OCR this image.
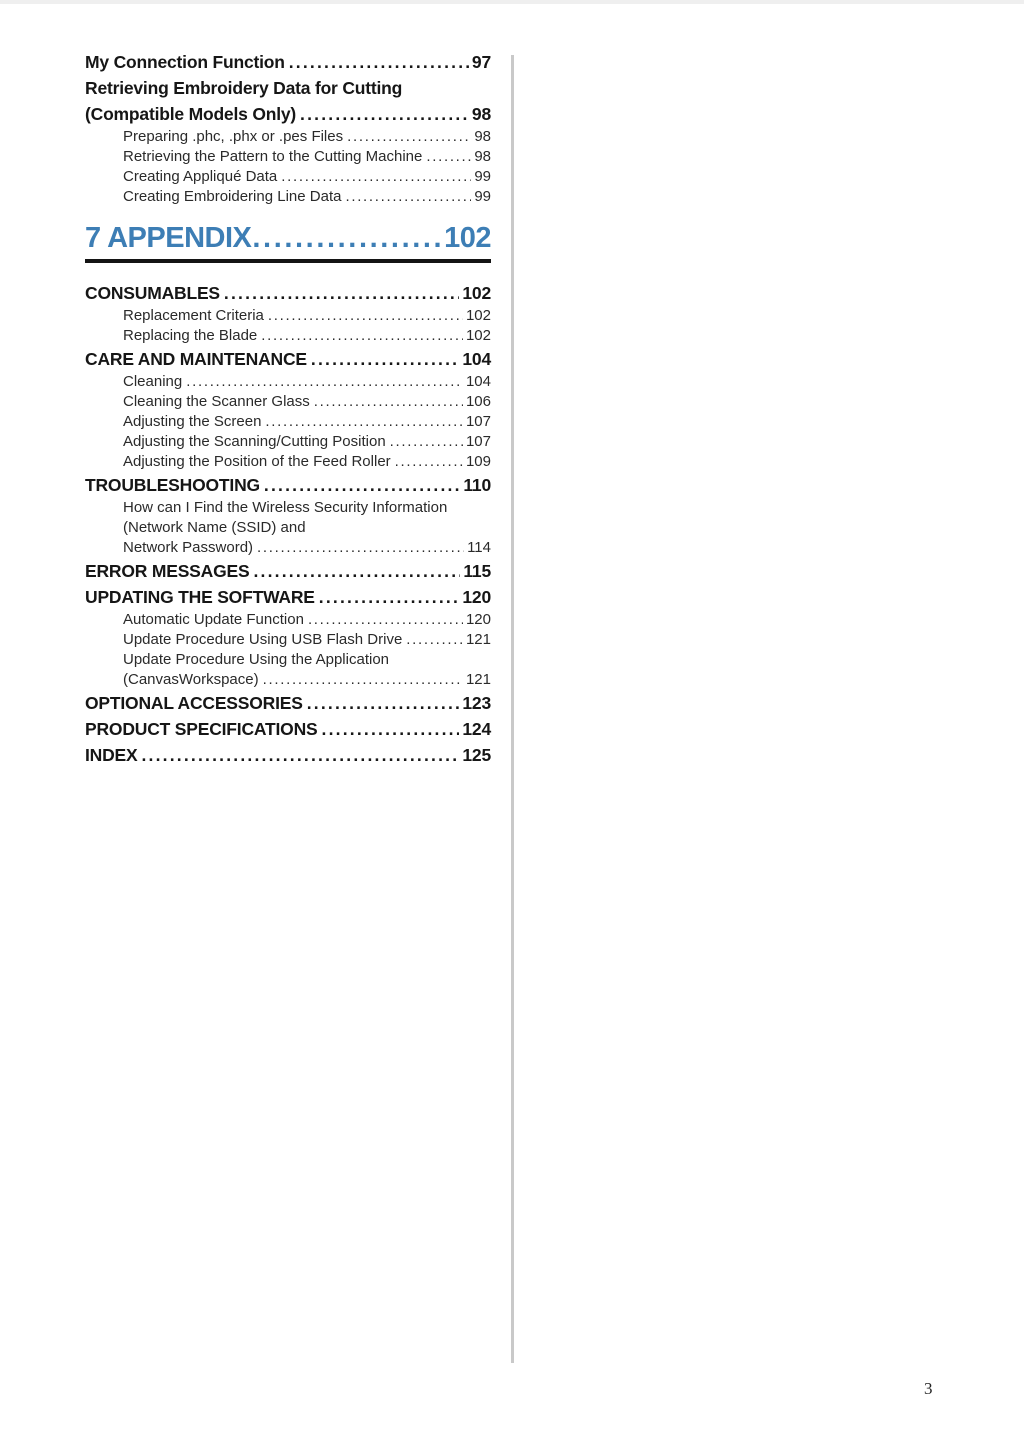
My Connection Function .....	97
Retrieving Embroidery Data for Cutting
(Compatible Models Only) .....	98
Preparing .phc, .phx or .pes Files .....	98
Retrieving the Pattern to the Cutting Machine .....	98
Creating Appliqué Data .....	99
Creating Embroidering Line Data .....	99
7 APPENDIX .....	102
CONSUMABLES .....	102
Replacement Criteria .....	102
Replacing the Blade .....	102
CARE AND MAINTENANCE .....	104
Cleaning .....	104
Cleaning the Scanner Glass .....	106
Adjusting the Screen .....	107
Adjusting the Scanning/Cutting Position .....	107
Adjusting the Position of the Feed Roller .....	109
TROUBLESHOOTING .....	110
How can I Find the Wireless Security Information
(Network Name (SSID) and
Network Password) .....	114
ERROR MESSAGES .....	115
UPDATING THE SOFTWARE .....	120
Automatic Update Function .....	120
Update Procedure Using USB Flash Drive .....	121
Update Procedure Using the Application
(CanvasWorkspace) .....	121
OPTIONAL ACCESSORIES .....	123
PRODUCT SPECIFICATIONS .....	124
INDEX .....	125
3
